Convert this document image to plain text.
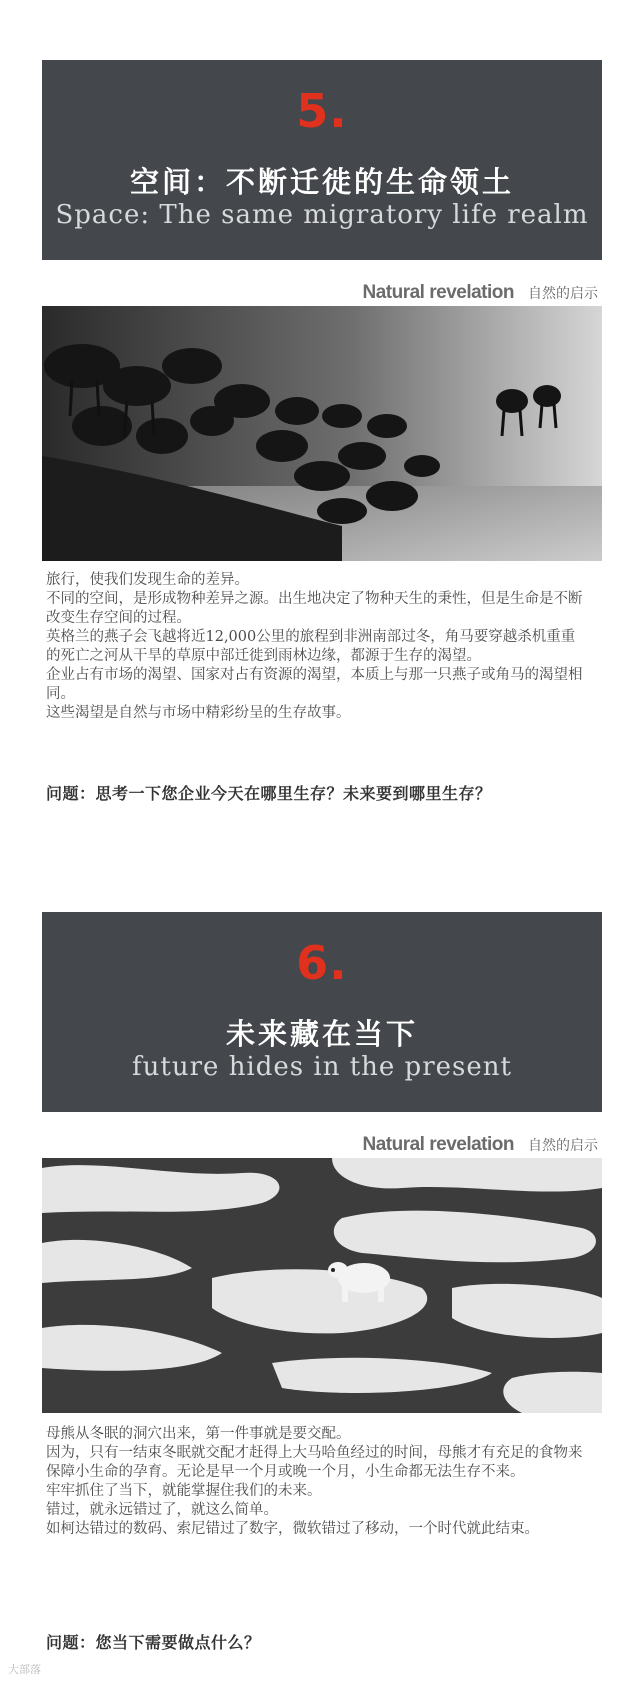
5.
空间：不断迁徙的生命领土
Space: The same migratory life realm
Natural revelation 自然的启示

旅行，使我们发现生命的差异。

不同的空间，是形成物种差异之源。出生地决定了物种天生的秉性，但是生命是不断改变生存空间的过程。

英格兰的燕子会飞越将近12,000公里的旅程到非洲南部过冬，角马要穿越杀机重重的死亡之河从干旱的草原中部迁徙到雨林边缘，都源于生存的渴望。

企业占有市场的渴望、国家对占有资源的渴望，本质上与那一只燕子或角马的渴望相同。

这些渴望是自然与市场中精彩纷呈的生存故事。

问题：思考一下您企业今天在哪里生存？未来要到哪里生存？
6.
未来藏在当下
future hides in the present
Natural revelation 自然的启示

母熊从冬眠的洞穴出来，第一件事就是要交配。

因为，只有一结束冬眠就交配才赶得上大马哈鱼经过的时间，母熊才有充足的食物来保障小生命的孕育。无论是早一个月或晚一个月，小生命都无法生存不来。

牢牢抓住了当下，就能掌握住我们的未来。

错过，就永远错过了，就这么简单。

如柯达错过的数码、索尼错过了数字，微软错过了移动，一个时代就此结束。

问题：您当下需要做点什么？
大部落
